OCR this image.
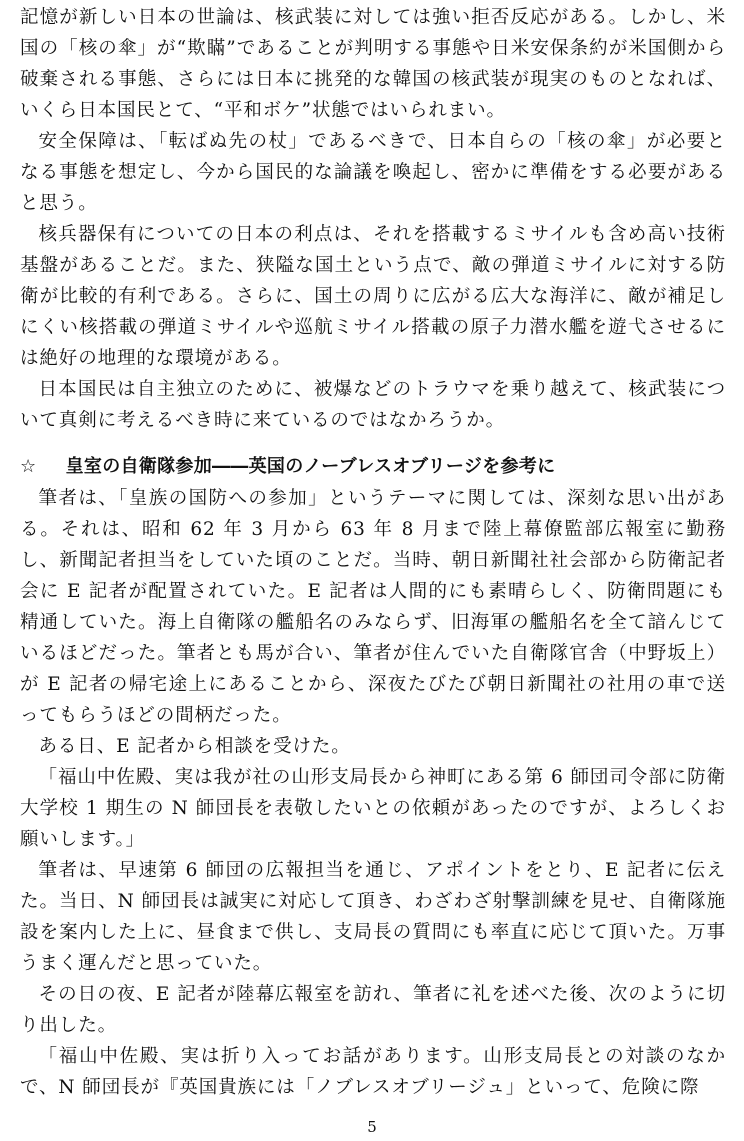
記憶が新しい日本の世論は、核武装に対しては強い拒否反応がある。しかし、米国の「核の傘」が“欺瞞”であることが判明する事態や日米安保条約が米国側から破棄される事態、さらには日本に挑発的な韓国の核武装が現実のものとなれば、いくら日本国民とて、“平和ボケ”状態ではいられまい。

安全保障は、「転ばぬ先の杖」であるべきで、日本自らの「核の傘」が必要となる事態を想定し、今から国民的な論議を喚起し、密かに準備をする必要があると思う。

核兵器保有についての日本の利点は、それを搭載するミサイルも含め高い技術基盤があることだ。また、狭隘な国土という点で、敵の弾道ミサイルに対する防衛が比較的有利である。さらに、国土の周りに広がる広大な海洋に、敵が補足しにくい核搭載の弾道ミサイルや巡航ミサイル搭載の原子力潜水艦を遊弋させるには絶好の地理的な環境がある。

日本国民は自主独立のために、被爆などのトラウマを乗り越えて、核武装について真剣に考えるべき時に来ているのではなかろうか。

☆ 皇室の自衛隊参加――英国のノーブレスオブリージを参考に

筆者は、「皇族の国防への参加」というテーマに関しては、深刻な思い出がある。それは、昭和 62 年 3 月から 63 年 8 月まで陸上幕僚監部広報室に勤務し、新聞記者担当をしていた頃のことだ。当時、朝日新聞社社会部から防衛記者会に E 記者が配置されていた。E 記者は人間的にも素晴らしく、防衛問題にも精通していた。海上自衛隊の艦船名のみならず、旧海軍の艦船名を全て諳んじているほどだった。筆者とも馬が合い、筆者が住んでいた自衛隊官舎（中野坂上）が E 記者の帰宅途上にあることから、深夜たびたび朝日新聞社の社用の車で送ってもらうほどの間柄だった。

ある日、E 記者から相談を受けた。

「福山中佐殿、実は我が社の山形支局長から神町にある第 6 師団司令部に防衛大学校 1 期生の N 師団長を表敬したいとの依頼があったのですが、よろしくお願いします。」

筆者は、早速第 6 師団の広報担当を通じ、アポイントをとり、E 記者に伝えた。当日、N 師団長は誠実に対応して頂き、わざわざ射撃訓練を見せ、自衛隊施設を案内した上に、昼食まで供し、支局長の質問にも率直に応じて頂いた。万事うまく運んだと思っていた。

その日の夜、E 記者が陸幕広報室を訪れ、筆者に礼を述べた後、次のように切り出した。

「福山中佐殿、実は折り入ってお話があります。山形支局長との対談のなかで、N 師団長が『英国貴族には「ノブレスオブリージュ」といって、危険に際

5
